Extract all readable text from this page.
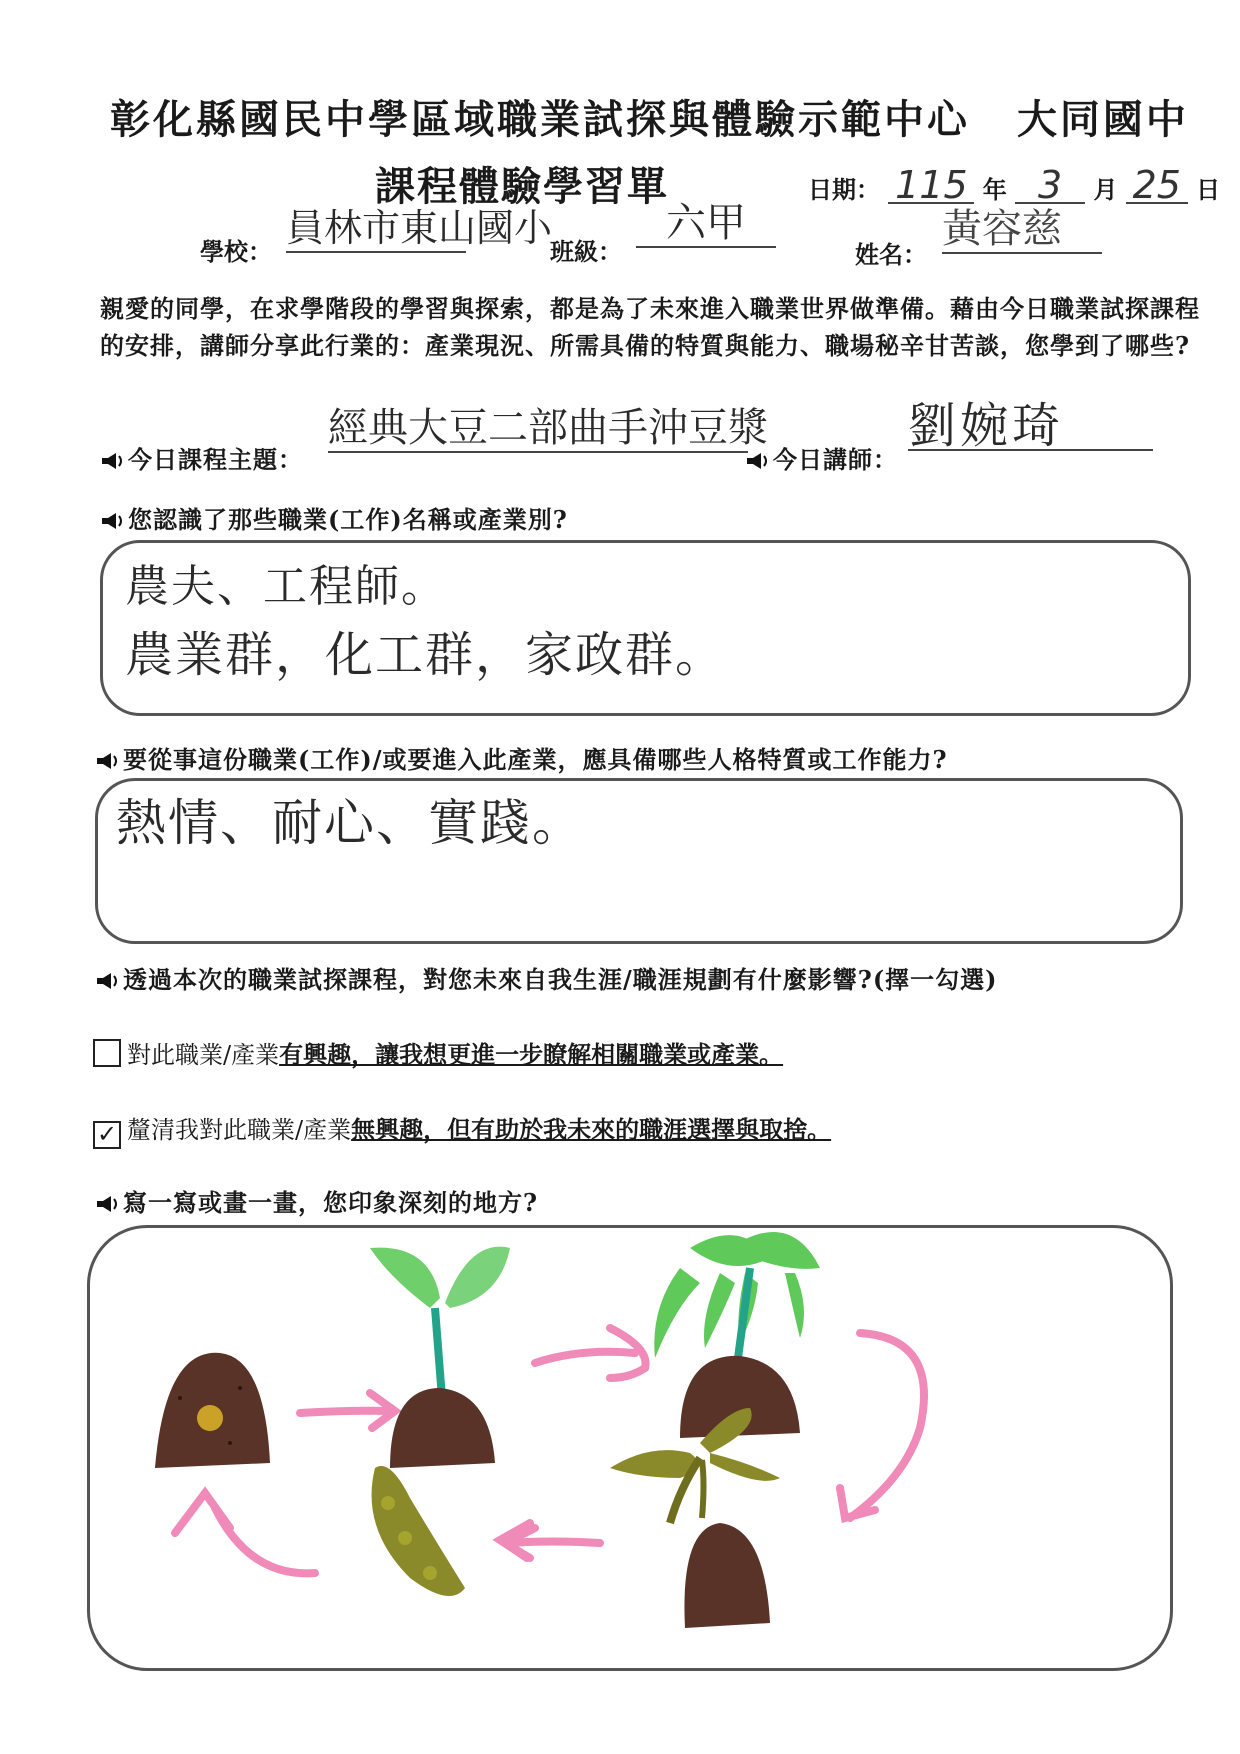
彰化縣國民中學區域職業試探與體驗示範中心 大同國中
課程體驗學習單	日期： 115 年 3 月 25 日
學校：
員林市東山國小
班級：
六甲
姓名：
黃容慈
親愛的同學，在求學階段的學習與探索，都是為了未來進入職業世界做準備。藉由今日職業試探課程的安排，講師分享此行業的：產業現況、所需具備的特質與能力、職場秘辛甘苦談，您學到了哪些?
今日課程主題：
經典大豆二部曲手沖豆漿
今日講師：
劉婉琦
您認識了那些職業(工作)名稱或產業別?
農夫、工程師。
農業群，化工群，家政群。
要從事這份職業(工作)/或要進入此產業，應具備哪些人格特質或工作能力?
熱情、耐心、實踐。
透過本次的職業試探課程，對您未來自我生涯/職涯規劃有什麼影響?(擇一勾選)
對此職業/產業有興趣，讓我想更進一步瞭解相關職業或產業。
✓ 釐清我對此職業/產業無興趣，但有助於我未來的職涯選擇與取捨。
寫一寫或畫一畫，您印象深刻的地方?
